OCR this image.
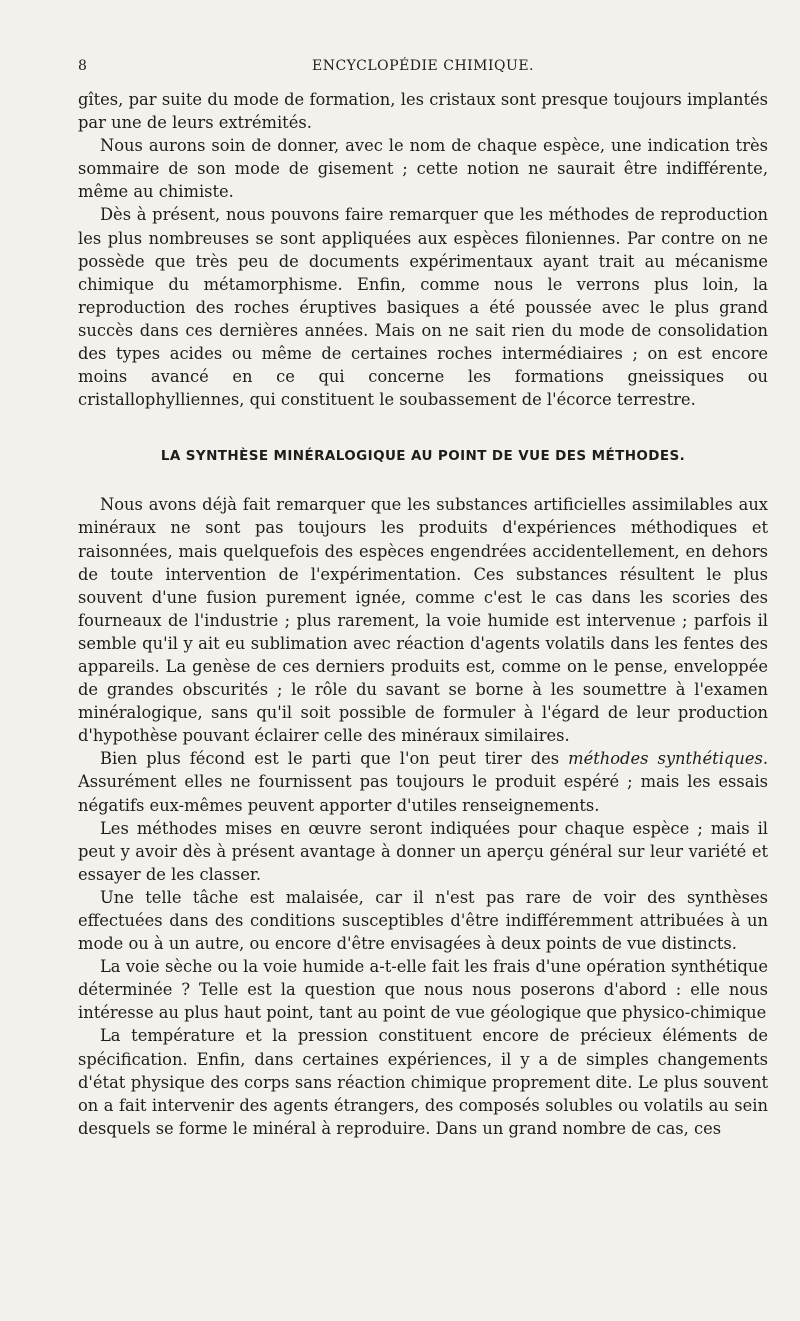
8	ENCYCLOPÉDIE CHIMIQUE.

gîtes, par suite du mode de formation, les cristaux sont presque toujours implantés par une de leurs extrémités.

Nous aurons soin de donner, avec le nom de chaque espèce, une indication très sommaire de son mode de gisement ; cette notion ne saurait être indifférente, même au chimiste.

Dès à présent, nous pouvons faire remarquer que les méthodes de reproduction les plus nombreuses se sont appliquées aux espèces filoniennes. Par contre on ne possède que très peu de documents expérimentaux ayant trait au mécanisme chimique du métamorphisme. Enfin, comme nous le verrons plus loin, la reproduction des roches éruptives basiques a été poussée avec le plus grand succès dans ces dernières années. Mais on ne sait rien du mode de consolidation des types acides ou même de certaines roches intermédiaires ; on est encore moins avancé en ce qui concerne les formations gneissiques ou cristallophylliennes, qui constituent le soubassement de l'écorce terrestre.

LA SYNTHÈSE MINÉRALOGIQUE AU POINT DE VUE DES MÉTHODES.

Nous avons déjà fait remarquer que les substances artificielles assimilables aux minéraux ne sont pas toujours les produits d'expériences méthodiques et raisonnées, mais quelquefois des espèces engendrées accidentellement, en dehors de toute intervention de l'expérimentation. Ces substances résultent le plus souvent d'une fusion purement ignée, comme c'est le cas dans les scories des fourneaux de l'industrie ; plus rarement, la voie humide est intervenue ; parfois il semble qu'il y ait eu sublimation avec réaction d'agents volatils dans les fentes des appareils. La genèse de ces derniers produits est, comme on le pense, enveloppée de grandes obscurités ; le rôle du savant se borne à les soumettre à l'examen minéralogique, sans qu'il soit possible de formuler à l'égard de leur production d'hypothèse pouvant éclairer celle des minéraux similaires.

Bien plus fécond est le parti que l'on peut tirer des méthodes synthétiques. Assurément elles ne fournissent pas toujours le produit espéré ; mais les essais négatifs eux-mêmes peuvent apporter d'utiles renseignements.

Les méthodes mises en œuvre seront indiquées pour chaque espèce ; mais il peut y avoir dès à présent avantage à donner un aperçu général sur leur variété et essayer de les classer.

Une telle tâche est malaisée, car il n'est pas rare de voir des synthèses effectuées dans des conditions susceptibles d'être indifféremment attribuées à un mode ou à un autre, ou encore d'être envisagées à deux points de vue distincts.

La voie sèche ou la voie humide a-t-elle fait les frais d'une opération synthétique déterminée ? Telle est la question que nous nous poserons d'abord : elle nous intéresse au plus haut point, tant au point de vue géologique que physico-chimique

La température et la pression constituent encore de précieux éléments de spécification. Enfin, dans certaines expériences, il y a de simples changements d'état physique des corps sans réaction chimique proprement dite. Le plus souvent on a fait intervenir des agents étrangers, des composés solubles ou volatils au sein desquels se forme le minéral à reproduire. Dans un grand nombre de cas, ces
